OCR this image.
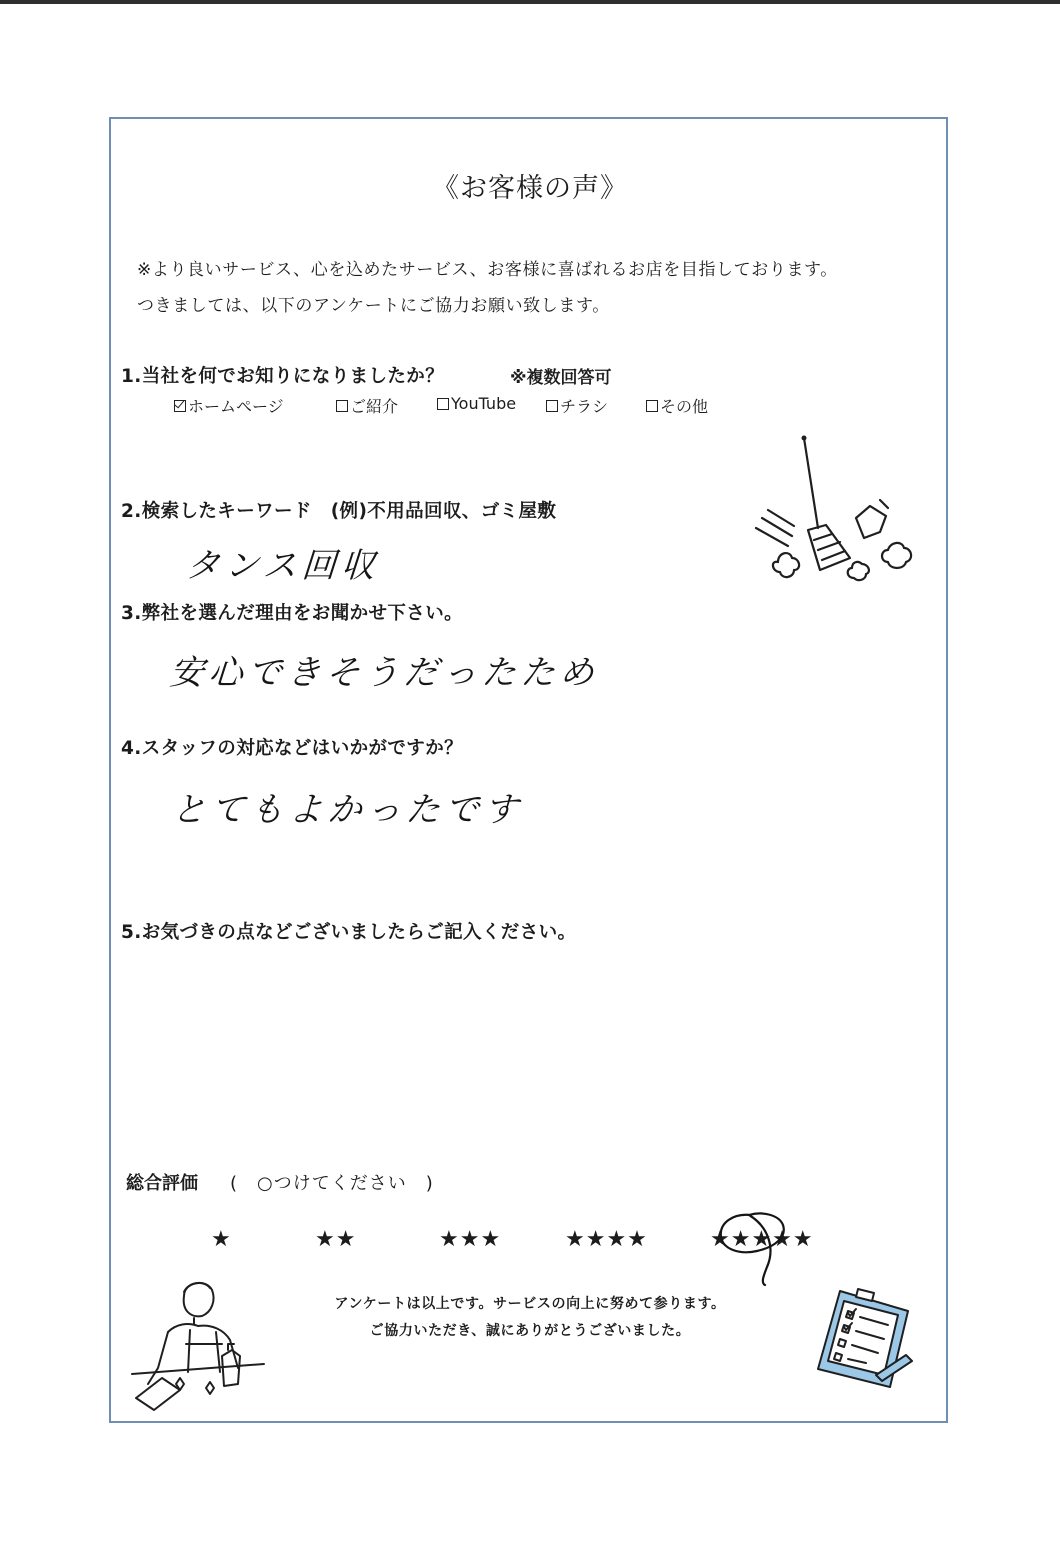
《お客様の声》
※より良いサービス、心を込めたサービス、お客様に喜ばれるお店を目指しております。
つきましては、以下のアンケートにご協力お願い致します。
1.当社を何でお知りになりましたか？	※複数回答可
ホームページ	ご紹介	YouTube	チラシ	その他
2.検索したキーワード　(例)不用品回収、ゴミ屋敷
タンス回収
3.弊社を選んだ理由をお聞かせ下さい。
安心できそうだったため
4.スタッフの対応などはいかがですか？
とてもよかったです
5.お気づきの点などございましたらご記入ください。
総合評価 (　○つけてください　)
★	★★	★★★	★★★★	★★★★★
アンケートは以上です。サービスの向上に努めて参ります。
ご協力いただき、誠にありがとうございました。
